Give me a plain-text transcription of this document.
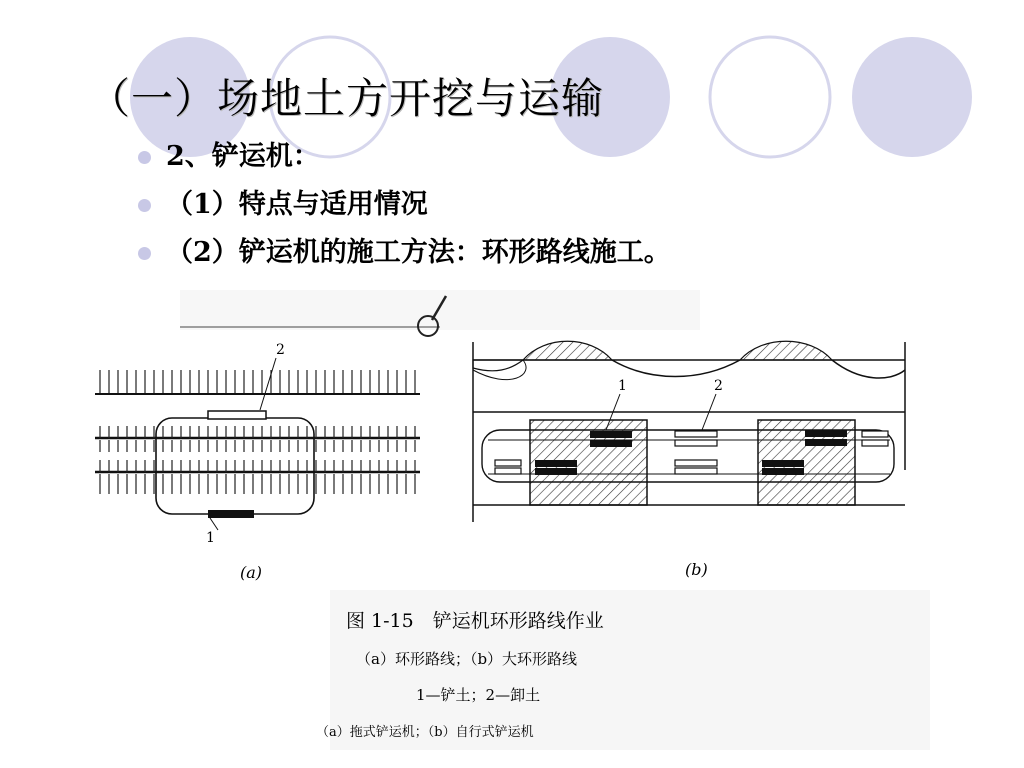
（一）场地土方开挖与运输
2、铲运机：
（1）特点与适用情况
（2）铲运机的施工方法：环形路线施工。
2
1
(a)
1	2
(b)
图 1-15　铲运机环形路线作业
（a）环形路线；（b）大环形路线
1—铲土；2—卸土
（a）拖式铲运机；（b）自行式铲运机
